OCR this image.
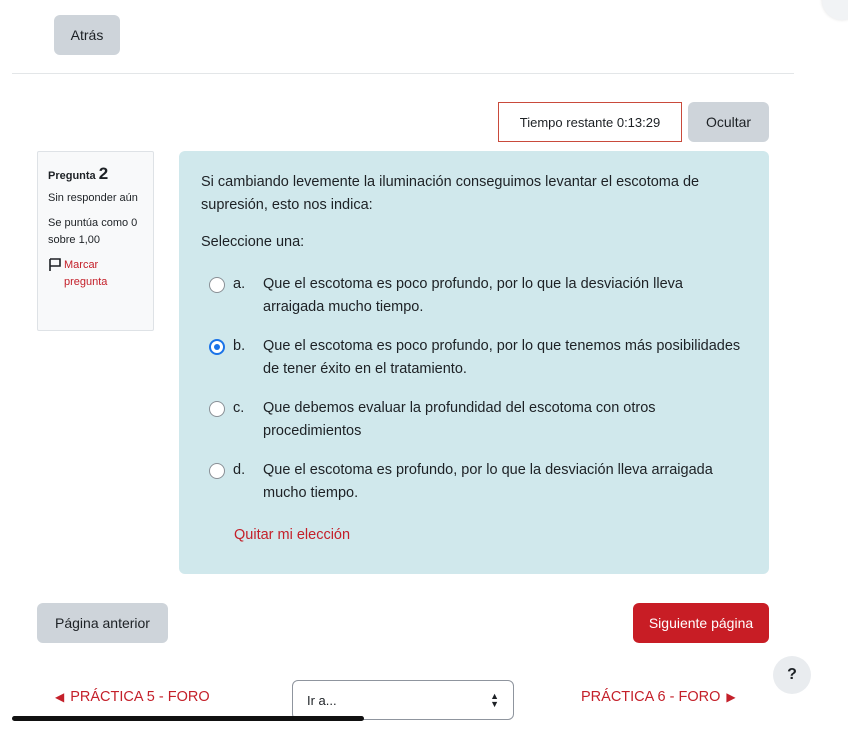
Atrás
Tiempo restante 0:13:29	Ocultar
Pregunta 2
Sin responder aún
Se puntúa como 0 sobre 1,00
Marcar pregunta
Si cambiando levemente la iluminación conseguimos levantar el escotoma de supresión, esto nos indica:
Seleccione una:
a.	Que el escotoma es poco profundo, por lo que la desviación lleva arraigada mucho tiempo.
b.	Que el escotoma es poco profundo, por lo que tenemos más posibilidades de tener éxito en el tratamiento.
c.	Que debemos evaluar la profundidad del escotoma con otros procedimientos
d.	Que el escotoma es profundo, por lo que la desviación lleva arraigada mucho tiempo.
Quitar mi elección
Página anterior	Siguiente página
?
◀ PRÁCTICA 5 - FORO	Ir a...	▲
▼	PRÁCTICA 6 - FORO ▶
